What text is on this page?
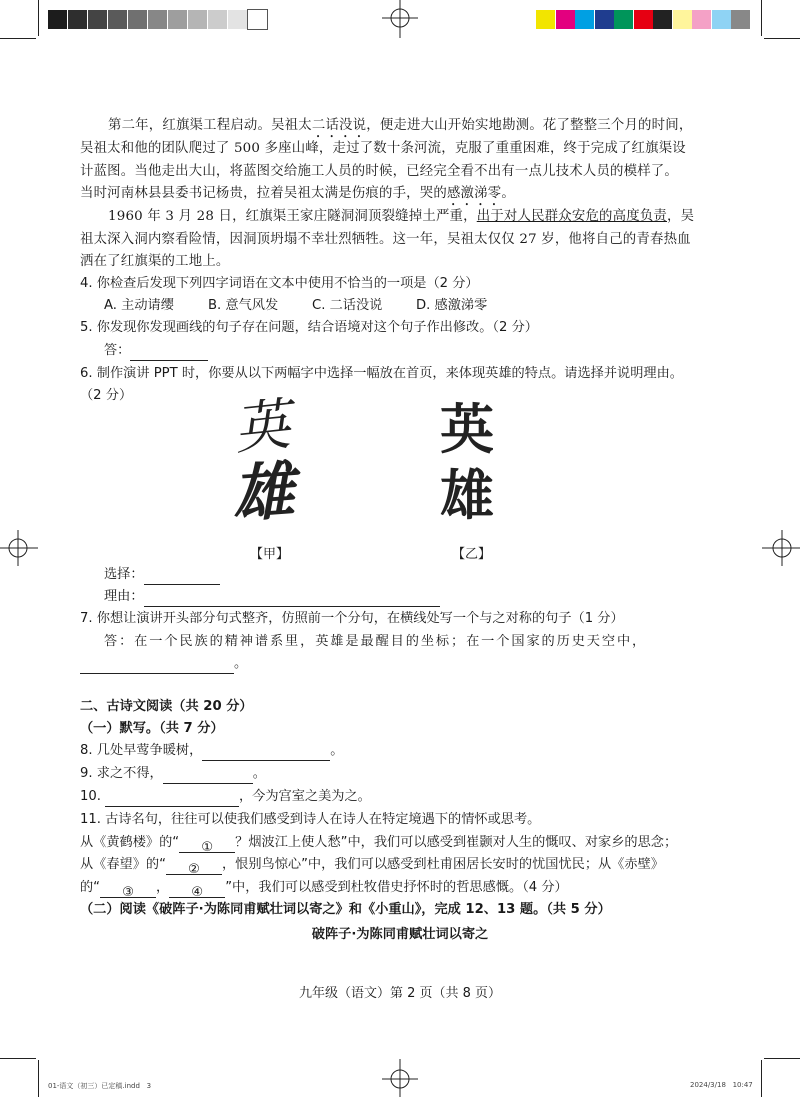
第二年，红旗渠工程启动。吴祖太二话没说，便走进大山开始实地勘测。花了整整三个月的时间，
吴祖太和他的团队爬过了 500 多座山峰，走过了数十条河流，克服了重重困难，终于完成了红旗渠设
计蓝图。当他走出大山，将蓝图交给施工人员的时候，已经完全看不出有一点儿技术人员的模样了。
当时河南林县县委书记杨贵，拉着吴祖太满是伤痕的手，哭的感激涕零。
1960 年 3 月 28 日，红旗渠王家庄隧洞洞顶裂缝掉土严重，出于对人民群众安危的高度负责，吴
祖太深入洞内察看险情，因洞顶坍塌不幸壮烈牺牲。这一年，吴祖太仅仅 27 岁，他将自己的青春热血
洒在了红旗渠的工地上。
4. 你检查后发现下列四字词语在文本中使用不恰当的一项是（2 分）
A. 主动请缨	B. 意气风发	C. 二话没说	D. 感激涕零
5. 你发现你发现画线的句子存在问题，结合语境对这个句子作出修改。（2 分）
答：
6. 制作演讲 PPT 时，你要从以下两幅字中选择一幅放在首页，来体现英雄的特点。请选择并说明理由。
（2 分）	英
雄
英
雄
【甲】	【乙】
选择：
理由：
7. 你想让演讲开头部分句式整齐，仿照前一个分句，在横线处写一个与之对称的句子（1 分）
答：在一个民族的精神谱系里，英雄是最醒目的坐标；在一个国家的历史天空中，
。
二、古诗文阅读（共 20 分）
（一）默写。（共 7 分）
8. 几处早莺争暖树，	。
9. 求之不得，	。
10.	，今为宫室之美为之。
11. 古诗名句，往往可以使我们感受到诗人在诗人在特定境遇下的情怀或思考。
从《黄鹤楼》的“ ① ？烟波江上使人愁”中，我们可以感受到崔颢对人生的慨叹、对家乡的思念；
从《春望》的“ ② ，恨别鸟惊心”中，我们可以感受到杜甫困居长安时的忧国忧民；从《赤壁》
的“ ③ ， ④ ”中，我们可以感受到杜牧借史抒怀时的哲思感慨。（4 分）
（二）阅读《破阵子·为陈同甫赋壮词以寄之》和《小重山》，完成 12、13 题。（共 5 分）
破阵子·为陈同甫赋壮词以寄之
九年级（语文）第 2 页（共 8 页）
01-语文（初三）已定稿.indd   3	2024/3/18   10:47
